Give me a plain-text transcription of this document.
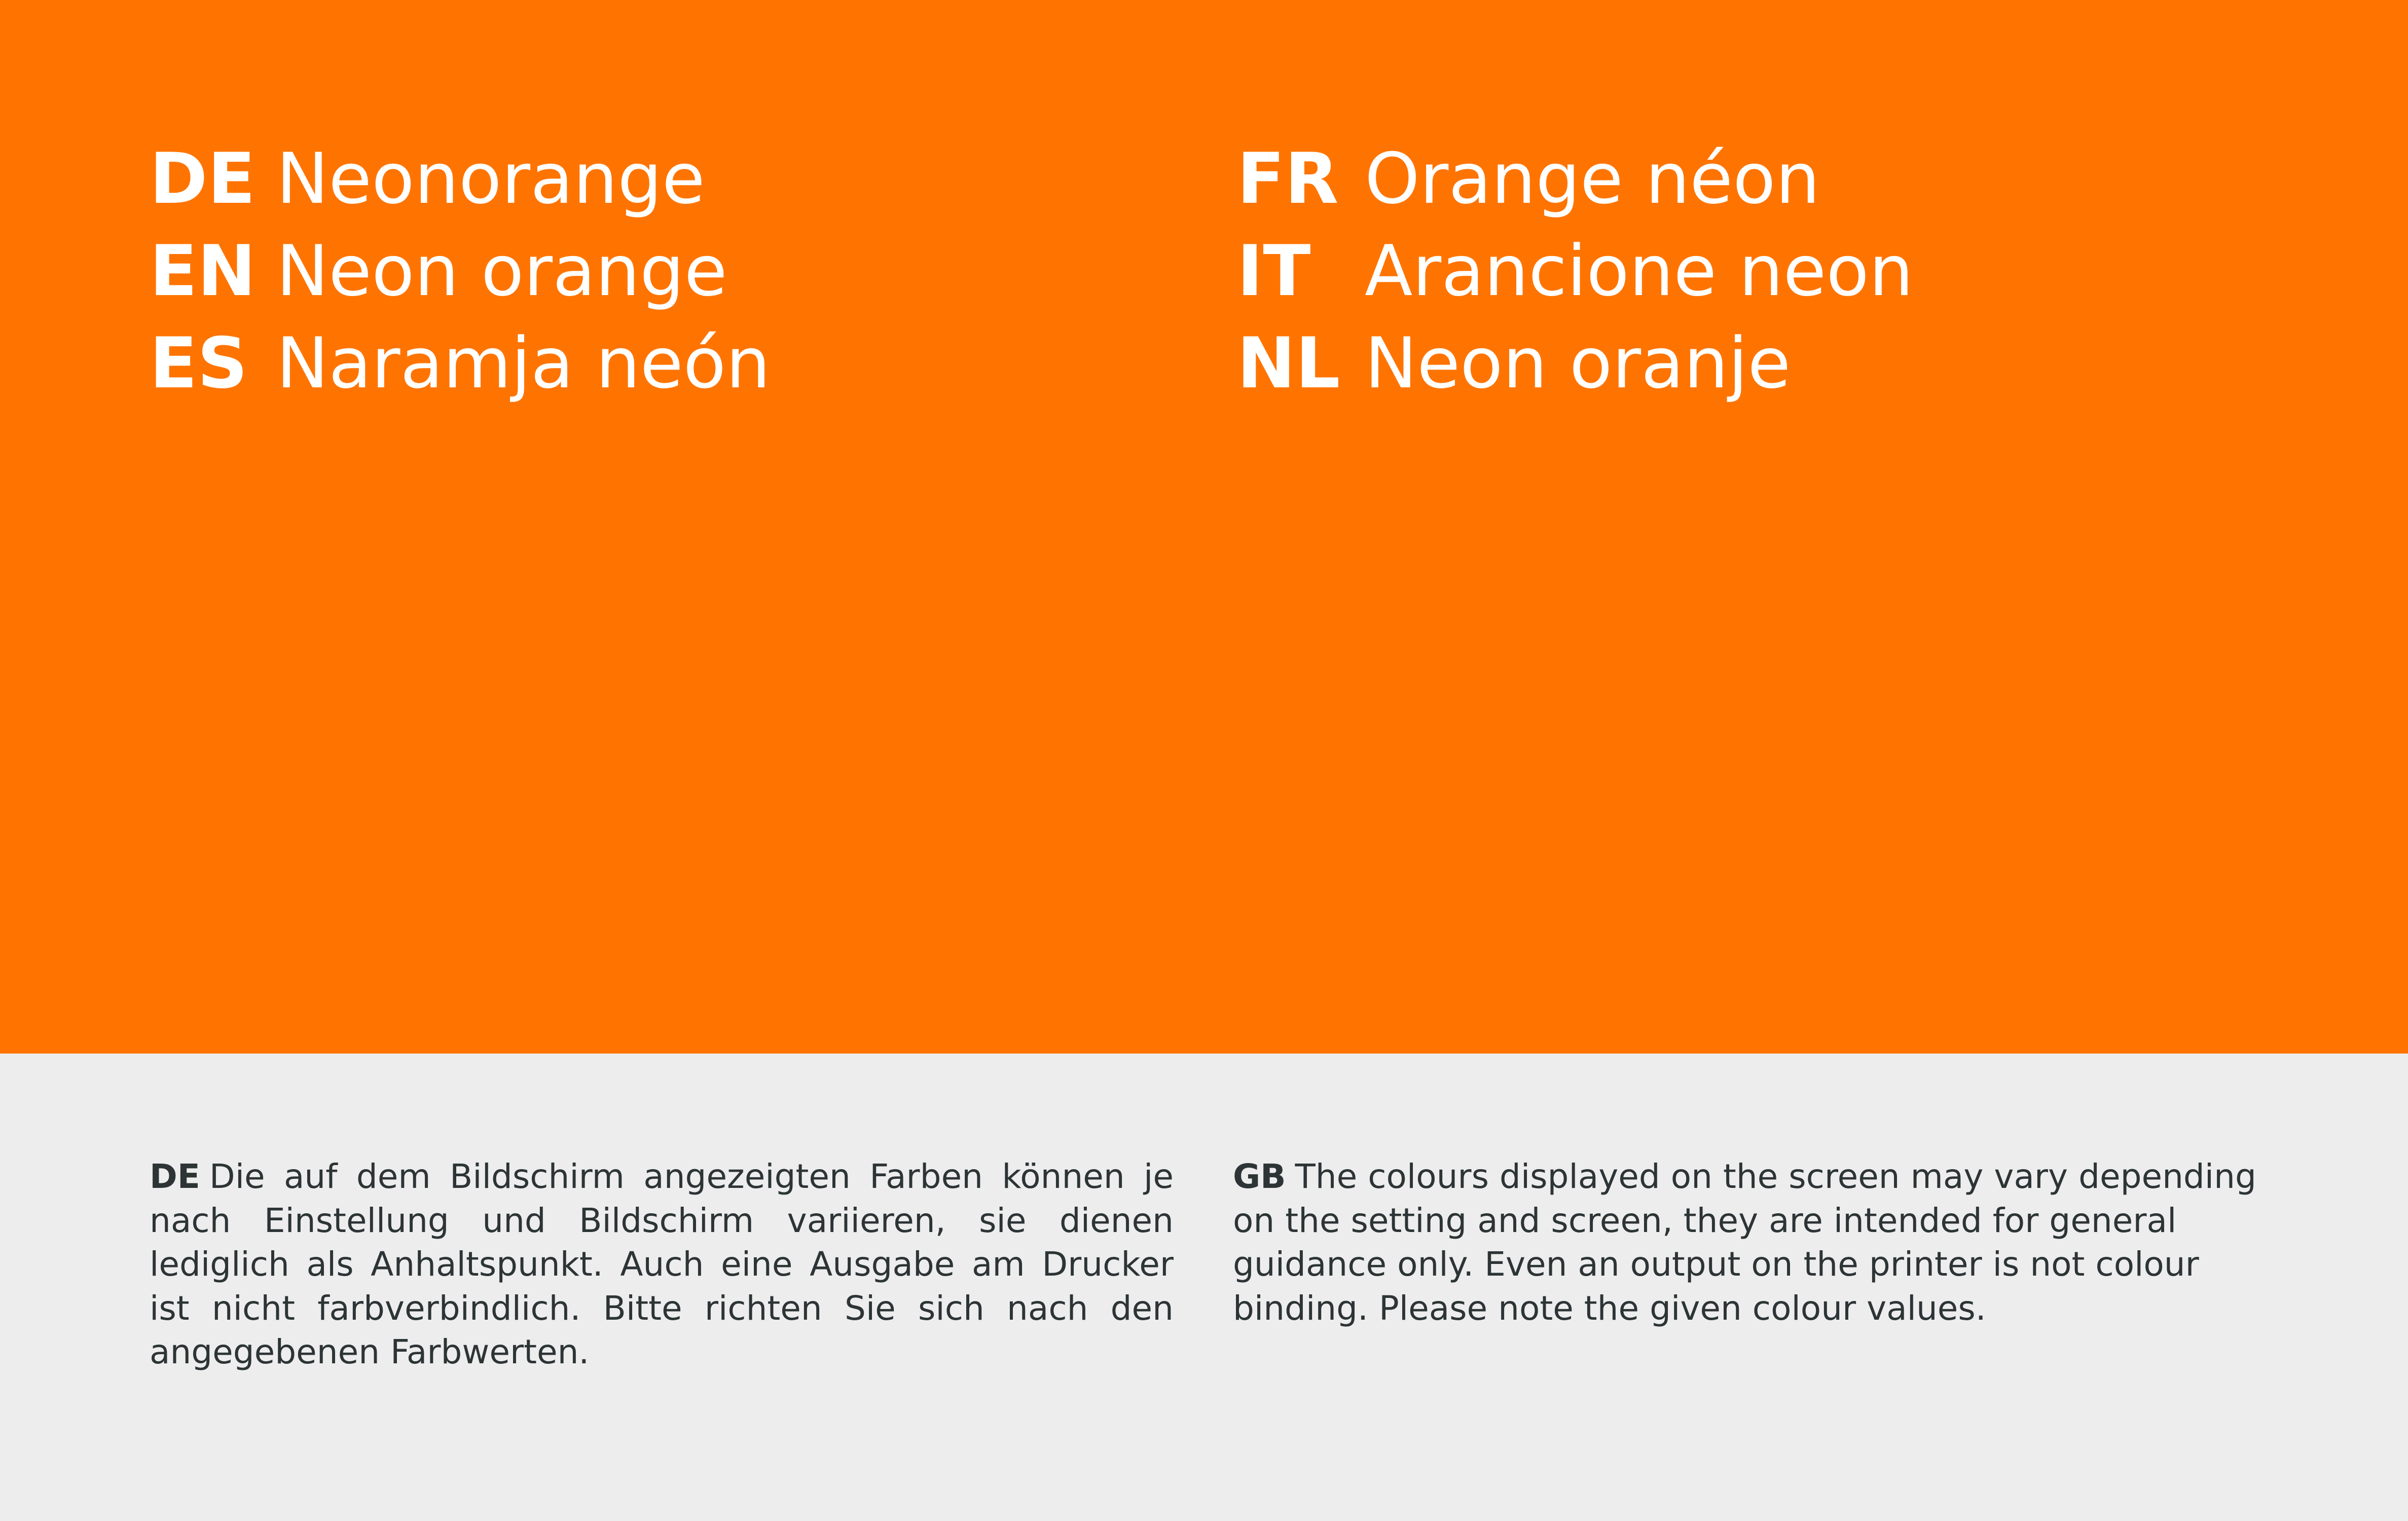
DE Neonorange
EN Neon orange
ES Naramja neón
FR Orange néon
IT Arancione neon
NL Neon oranje
DE Die auf dem Bildschirm angezeigten Farben können je nach Einstellung und Bildschirm variieren, sie dienen lediglich als Anhaltspunkt. Auch eine Ausgabe am Drucker ist nicht farbverbindlich. Bitte richten Sie sich nach den angegebenen Farbwerten.
GB The colours displayed on the screen may vary depending on the setting and screen, they are intended for general guidance only. Even an output on the printer is not colour binding. Please note the given colour values.
